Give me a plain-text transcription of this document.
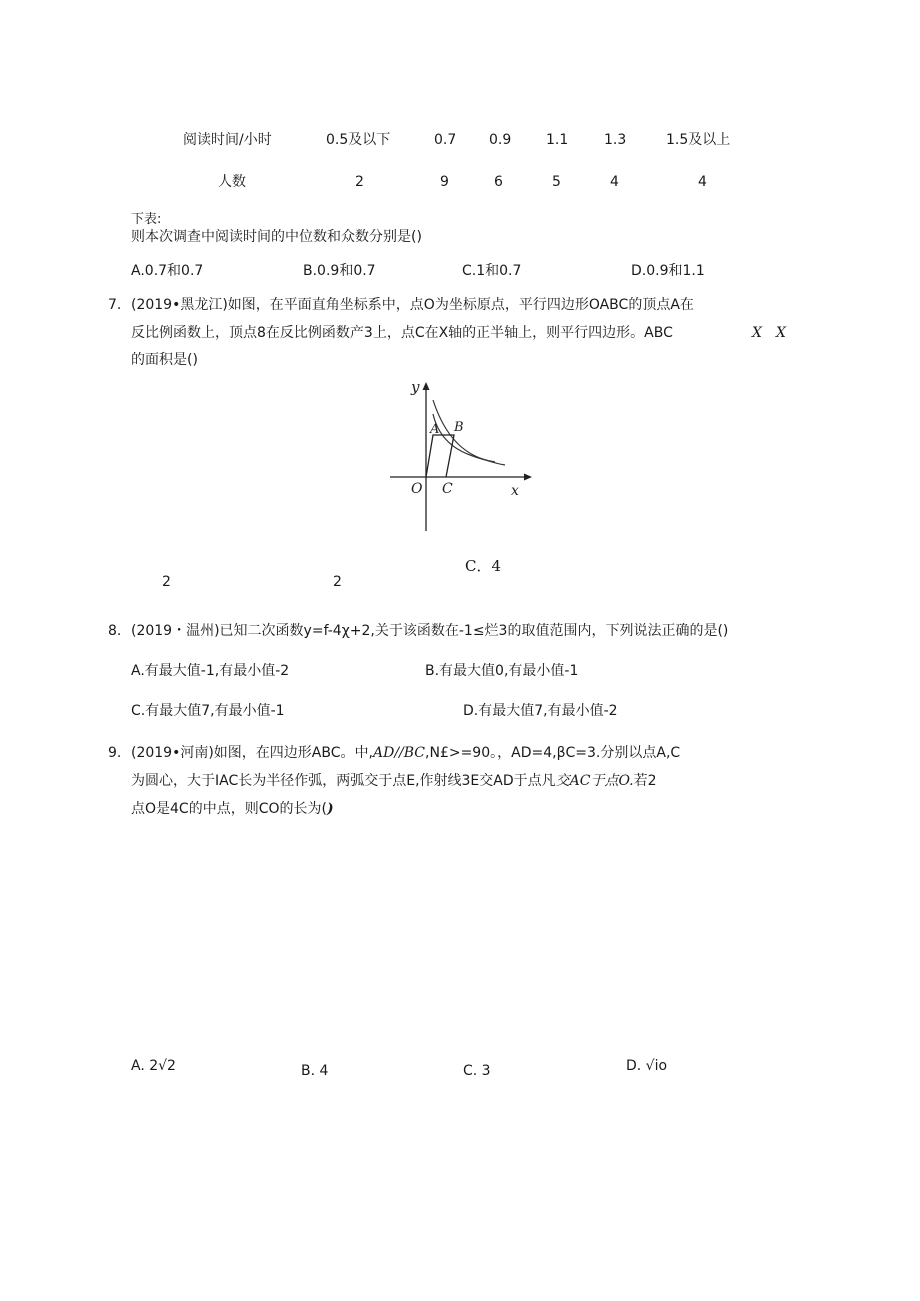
阅读时间/小时	0.5及以下	0.7 0.9 1.1	1.3	1.5及以上
人数	2	9	6	5	4	4
下表:
则本次调查中阅读时间的中位数和众数分别是()
A.0.7和0.7	B.0.9和0.7	C.1和0.7	D.0.9和1.1
7. (2019•黑龙江)如图，在平面直角坐标系中，点O为坐标原点，平行四边形OABC的顶点A在
反比例函数上，顶点8在反比例函数产3上，点C在X轴的正半轴上，则平行四边形。ABC	X　X
的面积是()
y
A B
O C	x
C．4
2	2
8. (2019・温州)已知二次函数y=f-4χ+2,关于该函数在-1≤烂3的取值范围内，下列说法正确的是()
A.有最大值-1,有最小值-2	B.有最大值0,有最小值-1
C.有最大值7,有最小值-1	D.有最大值7,有最小值-2
9. (2019•河南)如图，在四边形ABC。中,AD//BC,N£>=90。，AD=4,βC=3.分别以点A,C
为圆心，大于IAC长为半径作弧，两弧交于点E,作射线3E交AD于点凡交AC于点O.若2
点O是4C的中点，则CO的长为()
A. 2√2	B. 4	C. 3	D. √io
